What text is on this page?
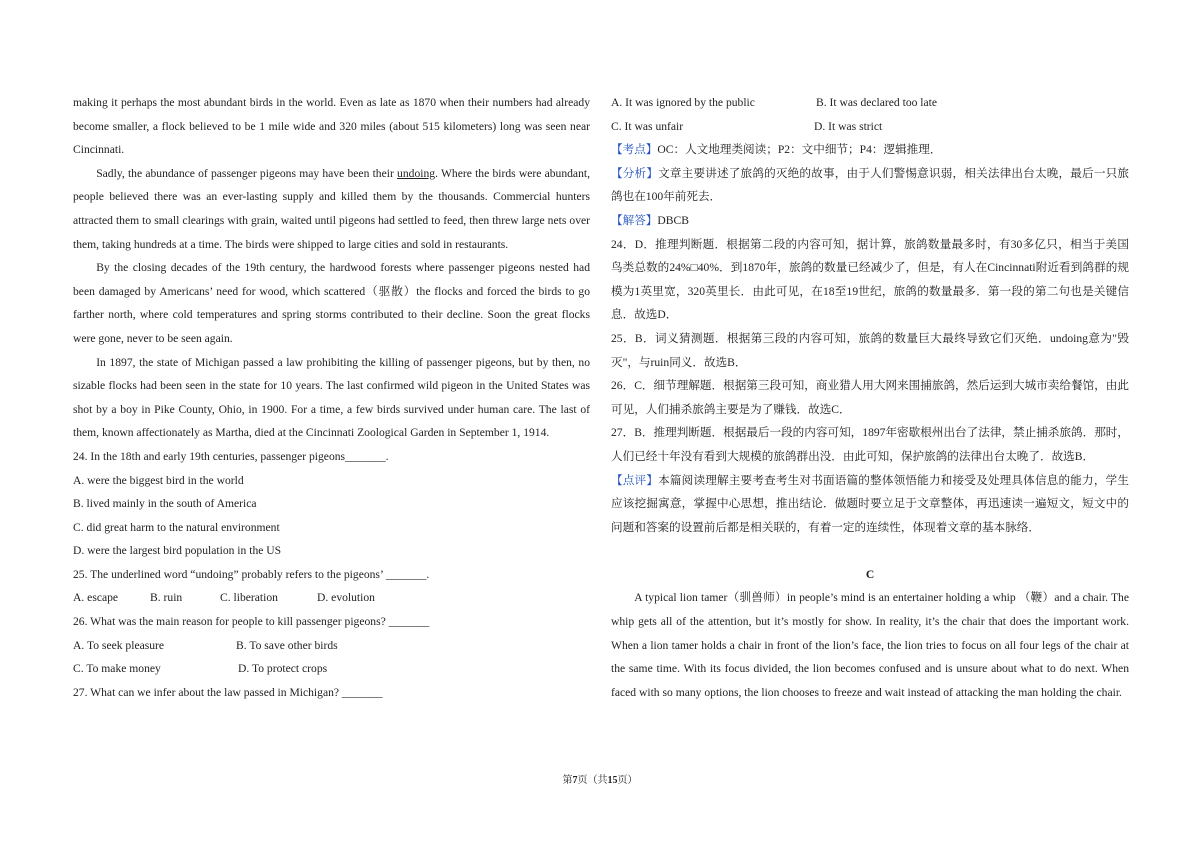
making it perhaps the most abundant birds in the world. Even as late as 1870 when their numbers had already become smaller, a flock believed to be 1 mile wide and 320 miles (about 515 kilometers) long was seen near Cincinnati.

Sadly, the abundance of passenger pigeons may have been their undoing. Where the birds were abundant, people believed there was an ever-lasting supply and killed them by the thousands. Commercial hunters attracted them to small clearings with grain, waited until pigeons had settled to feed, then threw large nets over them, taking hundreds at a time. The birds were shipped to large cities and sold in restaurants.

By the closing decades of the 19th century, the hardwood forests where passenger pigeons nested had been damaged by Americans’ need for wood, which scattered（驱散）the flocks and forced the birds to go farther north, where cold temperatures and spring storms contributed to their decline. Soon the great flocks were gone, never to be seen again.

In 1897, the state of Michigan passed a law prohibiting the killing of passenger pigeons, but by then, no sizable flocks had been seen in the state for 10 years. The last confirmed wild pigeon in the United States was shot by a boy in Pike County, Ohio, in 1900. For a time, a few birds survived under human care. The last of them, known affectionately as Martha, died at the Cincinnati Zoological Garden in September 1, 1914.

24. In the 18th and early 19th centuries, passenger pigeons_______.

A. were the biggest bird in the world

B. lived mainly in the south of America

C. did great harm to the natural environment

D. were the largest bird population in the US

25. The underlined word “undoing” probably refers to the pigeons’ _______.

A. escape	B. ruin	C. liberation	D. evolution

26. What was the main reason for people to kill passenger pigeons? _______

A. To seek pleasure	B. To save other birds
C. To make money	D. To protect crops

27. What can we infer about the law passed in Michigan? _______

A. It was ignored by the public	B. It was declared too late
C. It was unfair	D. It was strict

【考点】OC：人文地理类阅读；P2：文中细节；P4：逻辑推理．

【分析】文章主要讲述了旅鸽的灭绝的故事，由于人们警惕意识弱，相关法律出台太晚，最后一只旅鸽也在100年前死去．

【解答】DBCB

24．D．推理判断题．根据第二段的内容可知，据计算，旅鸽数量最多时，有30多亿只，相当于美国鸟类总数的24%□40%．到1870年，旅鸽的数量已经减少了，但是，有人在Cincinnati附近看到鸽群的规模为1英里宽，320英里长．由此可见，在18至19世纪，旅鸽的数量最多．第一段的第二句也是关键信息．故选D．

25．B．词义猜测题．根据第三段的内容可知，旅鸽的数量巨大最终导致它们灭绝．undoing意为"毁灭"，与ruin同义．故选B．

26．C．细节理解题．根据第三段可知，商业猎人用大网来围捕旅鸽，然后运到大城市卖给餐馆，由此可见，人们捕杀旅鸽主要是为了赚钱．故选C．

27．B．推理判断题．根据最后一段的内容可知，1897年密歇根州出台了法律，禁止捕杀旅鸽．那时，人们已经十年没有看到大规模的旅鸽群出没．由此可知，保护旅鸽的法律出台太晚了．故选B．

【点评】本篇阅读理解主要考查考生对书面语篇的整体领悟能力和接受及处理具体信息的能力，学生应该挖掘寓意，掌握中心思想，推出结论．做题时要立足于文章整体，再迅速读一遍短文，短文中的问题和答案的设置前后都是相关联的，有着一定的连续性，体现着文章的基本脉络．

C

A typical lion tamer（驯兽师）in people’s mind is an entertainer holding a whip （鞭）and a chair. The whip gets all of the attention, but it’s mostly for show. In reality, it’s the chair that does the important work. When a lion tamer holds a chair in front of the lion’s face, the lion tries to focus on all four legs of the chair at the same time. With its focus divided, the lion becomes confused and is unsure about what to do next. When faced with so many options, the lion chooses to freeze and wait instead of attacking the man holding the chair.

第7页（共15页）
